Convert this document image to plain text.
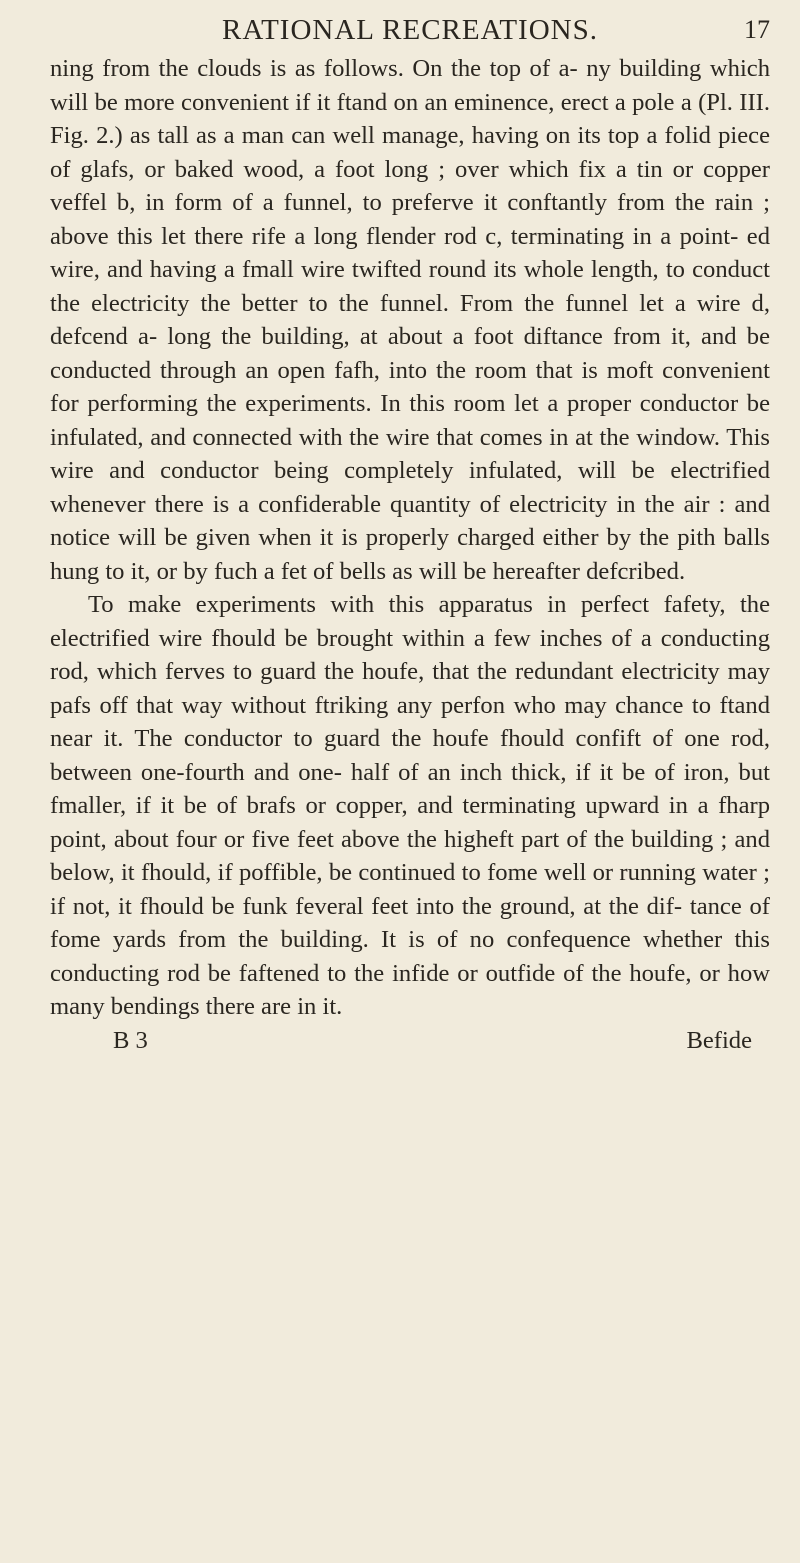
RATIONAL RECREATIONS.	17

ning from the clouds is as follows. On the top of a- ny building which will be more convenient if it ftand on an eminence, erect a pole a (Pl. III. Fig. 2.) as tall as a man can well manage, having on its top a folid piece of glafs, or baked wood, a foot long ; over which fix a tin or copper veffel b, in form of a funnel, to preferve it conftantly from the rain ; above this let there rife a long flender rod c, terminating in a point- ed wire, and having a fmall wire twifted round its whole length, to conduct the electricity the better to the funnel. From the funnel let a wire d, defcend a- long the building, at about a foot diftance from it, and be conducted through an open fafh, into the room that is moft convenient for performing the experiments. In this room let a proper conductor be infulated, and connected with the wire that comes in at the window. This wire and conductor being completely infulated, will be electrified whenever there is a confiderable quantity of electricity in the air : and notice will be given when it is properly charged either by the pith balls hung to it, or by fuch a fet of bells as will be hereafter defcribed.

To make experiments with this apparatus in perfect fafety, the electrified wire fhould be brought within a few inches of a conducting rod, which ferves to guard the houfe, that the redundant electricity may pafs off that way without ftriking any perfon who may chance to ftand near it. The conductor to guard the houfe fhould confift of one rod, between one-fourth and one- half of an inch thick, if it be of iron, but fmaller, if it be of brafs or copper, and terminating upward in a fharp point, about four or five feet above the higheft part of the building ; and below, it fhould, if poffible, be continued to fome well or running water ; if not, it fhould be funk feveral feet into the ground, at the dif- tance of fome yards from the building. It is of no confequence whether this conducting rod be faftened to the infide or outfide of the houfe, or how many bendings there are in it.

B 3	Befide
